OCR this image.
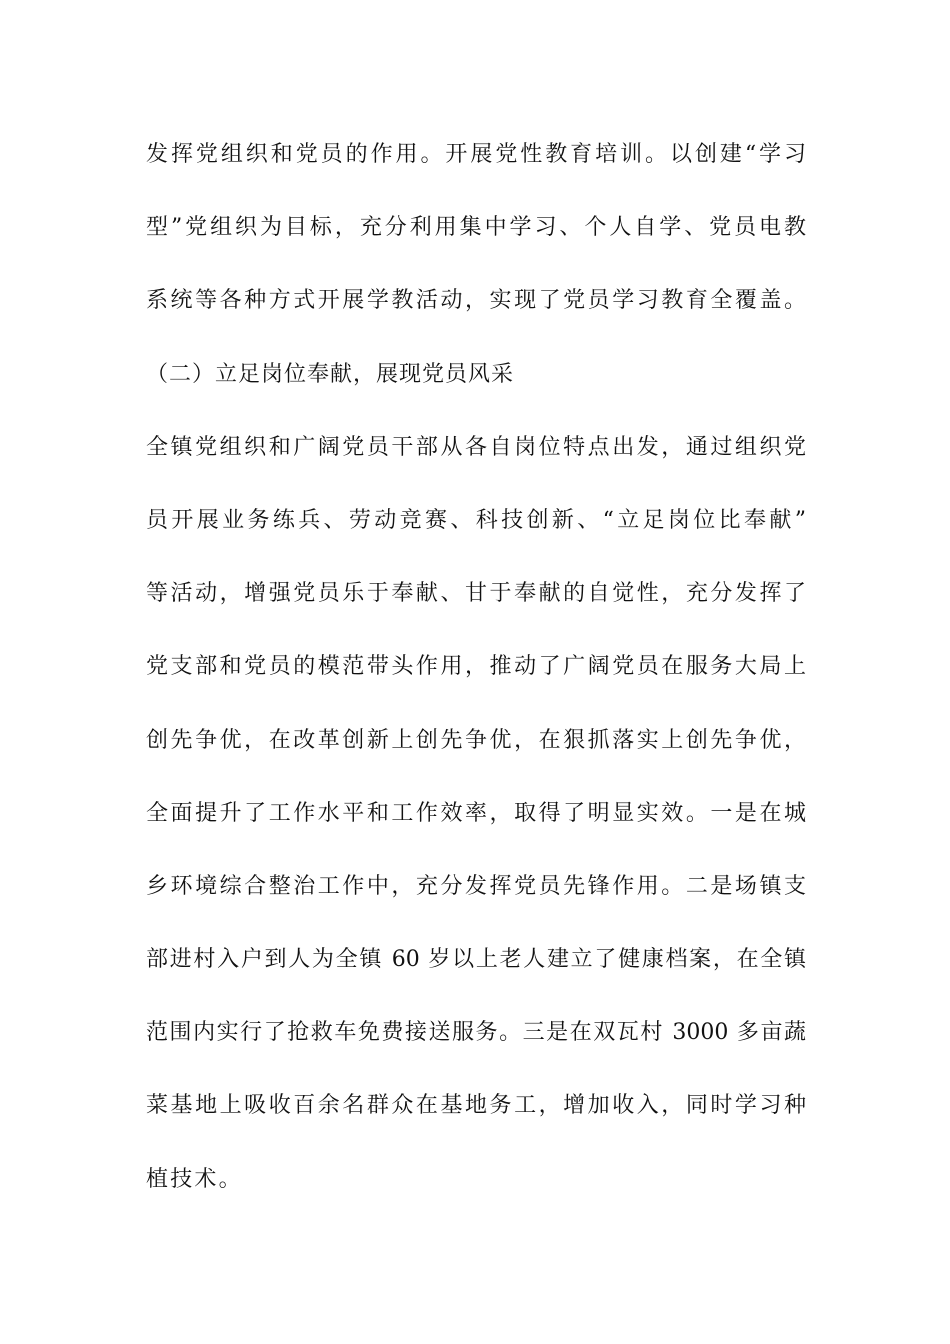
发挥党组织和党员的作用。开展党性教育培训。以创建“学习
型”党组织为目标，充分利用集中学习、个人自学、党员电教
系统等各种方式开展学教活动，实现了党员学习教育全覆盖。
（二）立足岗位奉献，展现党员风采
全镇党组织和广阔党员干部从各自岗位特点出发，通过组织党
员开展业务练兵、劳动竞赛、科技创新、“立足岗位比奉献”
等活动，增强党员乐于奉献、甘于奉献的自觉性，充分发挥了
党支部和党员的模范带头作用，推动了广阔党员在服务大局上
创先争优，在改革创新上创先争优，在狠抓落实上创先争优，
全面提升了工作水平和工作效率，取得了明显实效。一是在城
乡环境综合整治工作中，充分发挥党员先锋作用。二是场镇支
部进村入户到人为全镇 60 岁以上老人建立了健康档案，在全镇
范围内实行了抢救车免费接送服务。三是在双瓦村 3000 多亩蔬
菜基地上吸收百余名群众在基地务工，增加收入，同时学习种
植技术。
